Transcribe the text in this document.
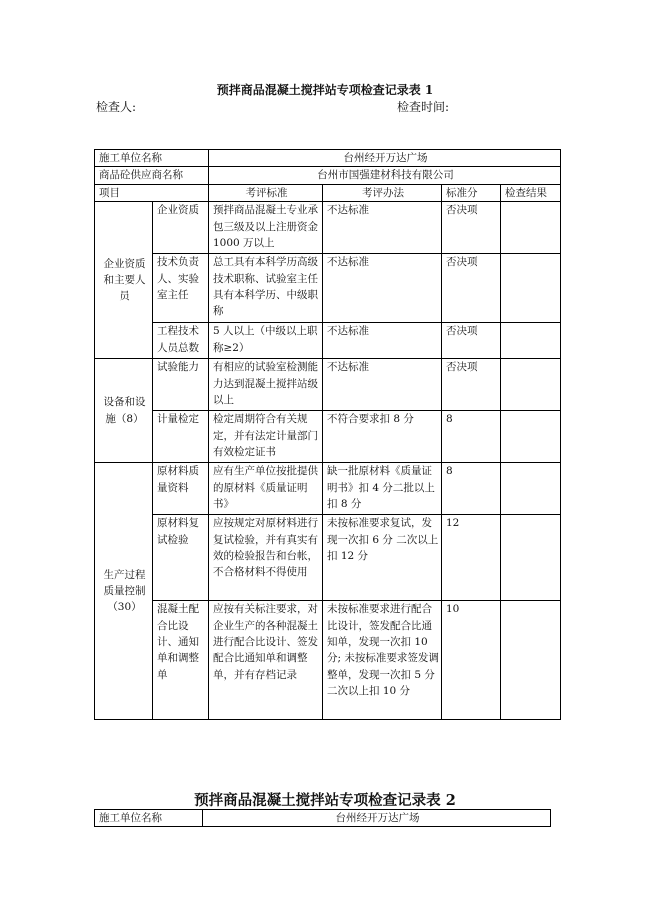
预拌商品混凝土搅拌站专项检查记录表 1
检查人:	检查时间:
施工单位名称		台州经开万达广场			
商品砼供应商名称		台州市国强建材科技有限公司			
项目		考评标准	考评办法	标准分	检查结果
企业资质和主要人员	企业资质	预拌商品混凝土专业承包三级及以上注册资金 1000 万以上	不达标准	否决项	
	技术负责人、实验室主任	总工具有本科学历高级技术职称、试验室主任具有本科学历、中级职称	不达标准	否决项	
	工程技术人员总数	5 人以上（中级以上职称≥2）	不达标准	否决项	
设备和设施（8）	试验能力	有相应的试验室检测能力达到混凝土搅拌站级以上	不达标准	否决项	
	计量检定	检定周期符合有关规定，并有法定计量部门有效检定证书	不符合要求扣 8 分	8	
生产过程质量控制（30）	原材料质量资料	应有生产单位按批提供的原材料《质量证明书》	缺一批原材料《质量证明书》扣 4 分二批以上扣 8 分	8	
	原材料复试检验	应按规定对原材料进行复试检验，并有真实有效的检验报告和台帐，不合格材料不得使用	未按标准要求复试，发现一次扣 6 分 二次以上扣 12 分	12	
	混凝土配合比设计、通知单和调整单	应按有关标注要求，对企业生产的各种混凝土进行配合比设计、签发配合比通知单和调整单，并有存档记录	未按标准要求进行配合比设计，签发配合比通知单，发现一次扣 10 分; 未按标准要求签发调整单，发现一次扣 5 分 二次以上扣 10 分	10	
预拌商品混凝土搅拌站专项检查记录表 2
施工单位名称	台州经开万达广场
